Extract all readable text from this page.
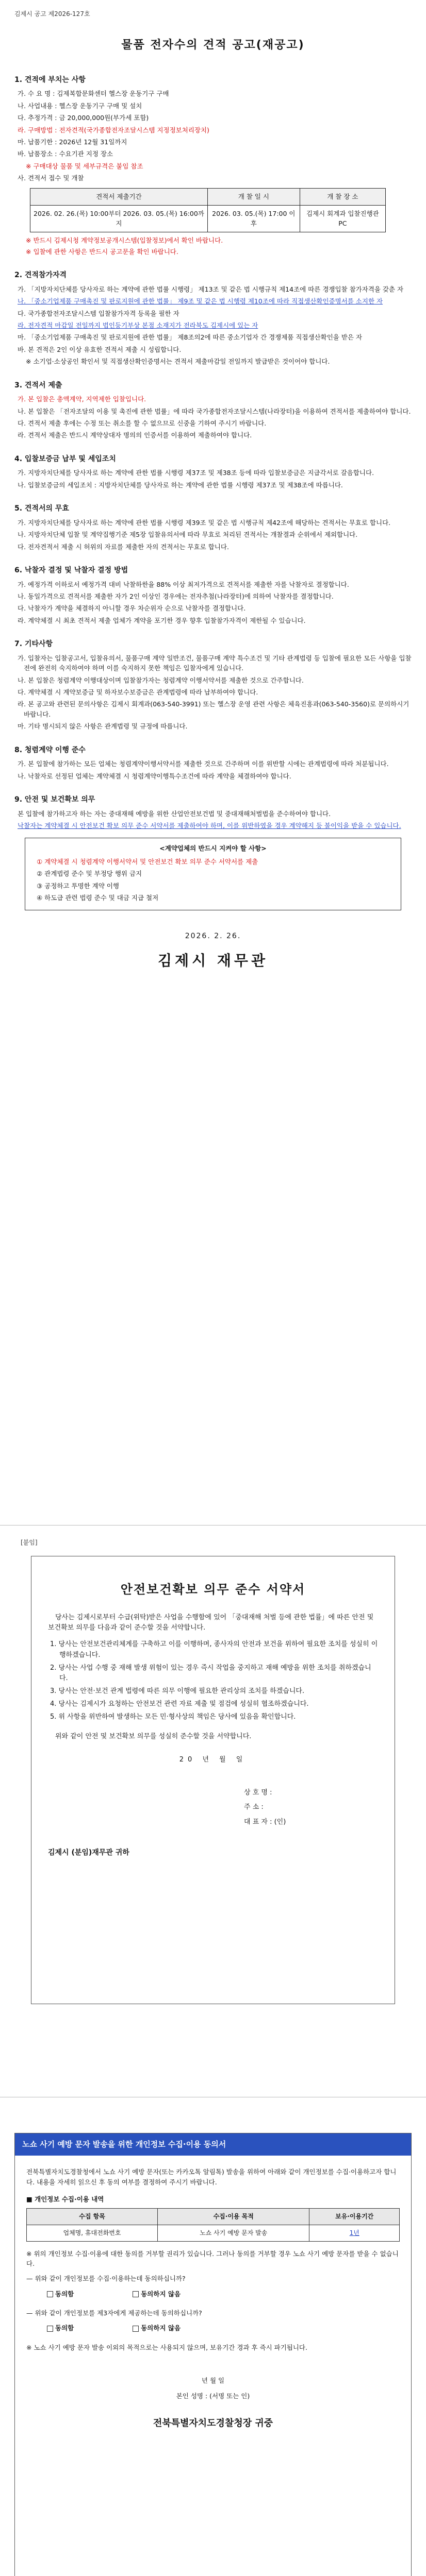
김제시 공고 제2026-127호
물품 전자수의 견적 공고(재공고)
1. 견적에 부치는 사항
가. 수 요 명 : 김제복합문화센터 헬스장 운동기구 구매
나. 사업내용 : 헬스장 운동기구 구매 및 설치
다. 추정가격 : 금 20,000,000원(부가세 포함)
라. 구매방법 : 전자견적(국가종합전자조달시스템 지정정보처리장치)
마. 납품기한 : 2026년 12월 31일까지
바. 납품장소 : 수요기관 지정 장소
※ 구매대상 물품 및 세부규격은 붙임 참조
사. 견적서 접수 및 개찰
견적서 제출기간	개 찰 일 시	개 찰 장 소
2026. 02. 26.(목) 10:00부터 2026. 03. 05.(목) 16:00까지	2026. 03. 05.(목) 17:00 이후	김제시 회계과 입찰진행관 PC
※ 반드시 김제시청 계약정보공개시스템(입찰정보)에서 확인 바랍니다.
※ 입찰에 관한 사항은 반드시 공고문을 확인 바랍니다.
2. 견적참가자격
가. 「지방자치단체를 당사자로 하는 계약에 관한 법률 시행령」 제13조 및 같은 법 시행규칙 제14조에 따른 경쟁입찰 참가자격을 갖춘 자
나. 「중소기업제품 구매촉진 및 판로지원에 관한 법률」 제9조 및 같은 법 시행령 제10조에 따라 직접생산확인증명서를 소지한 자
다. 국가종합전자조달시스템 입찰참가자격 등록을 필한 자
라. 전자견적 마감일 전일까지 법인등기부상 본점 소재지가 전라북도 김제시에 있는 자
마. 「중소기업제품 구매촉진 및 판로지원에 관한 법률」 제8조의2에 따른 중소기업자 간 경쟁제품 직접생산확인을 받은 자
바. 본 견적은 2인 이상 유효한 견적서 제출 시 성립합니다.
※ 소기업·소상공인 확인서 및 직접생산확인증명서는 견적서 제출마감일 전일까지 발급받은 것이어야 합니다.
3. 견적서 제출
가. 본 입찰은 총액계약, 지역제한 입찰입니다.
나. 본 입찰은 「전자조달의 이용 및 촉진에 관한 법률」에 따라 국가종합전자조달시스템(나라장터)을 이용하여 견적서를 제출하여야 합니다.
다. 견적서 제출 후에는 수정 또는 취소를 할 수 없으므로 신중을 기하여 주시기 바랍니다.
라. 견적서 제출은 반드시 계약상대자 명의의 인증서를 이용하여 제출하여야 합니다.
4. 입찰보증금 납부 및 세입조치
가. 지방자치단체를 당사자로 하는 계약에 관한 법률 시행령 제37조 및 제38조 등에 따라 입찰보증금은 지급각서로 갈음합니다.
나. 입찰보증금의 세입조치 : 지방자치단체를 당사자로 하는 계약에 관한 법률 시행령 제37조 및 제38조에 따릅니다.
5. 견적서의 무효
가. 지방자치단체를 당사자로 하는 계약에 관한 법률 시행령 제39조 및 같은 법 시행규칙 제42조에 해당하는 견적서는 무효로 합니다.
나. 지방자치단체 입찰 및 계약집행기준 제5장 입찰유의서에 따라 무효로 처리된 견적서는 개찰결과 순위에서 제외합니다.
다. 전자견적서 제출 시 허위의 자료를 제출한 자의 견적서는 무효로 합니다.
6. 낙찰자 결정 및 낙찰자 결정 방법
가. 예정가격 이하로서 예정가격 대비 낙찰하한율 88% 이상 최저가격으로 견적서를 제출한 자를 낙찰자로 결정합니다.
나. 동일가격으로 견적서를 제출한 자가 2인 이상인 경우에는 전자추첨(나라장터)에 의하여 낙찰자를 결정합니다.
다. 낙찰자가 계약을 체결하지 아니할 경우 차순위자 순으로 낙찰자를 결정합니다.
라. 계약체결 시 최초 견적서 제출 업체가 계약을 포기한 경우 향후 입찰참가자격이 제한될 수 있습니다.
7. 기타사항
가. 입찰자는 입찰공고서, 입찰유의서, 물품구매 계약 일반조건, 물품구매 계약 특수조건 및 기타 관계법령 등 입찰에 필요한 모든 사항을 입찰 전에 완전히 숙지하여야 하며 이를 숙지하지 못한 책임은 입찰자에게 있습니다.
나. 본 입찰은 청렴계약 이행대상이며 입찰참가자는 청렴계약 이행서약서를 제출한 것으로 간주합니다.
다. 계약체결 시 계약보증금 및 하자보수보증금은 관계법령에 따라 납부하여야 합니다.
라. 본 공고와 관련된 문의사항은 김제시 회계과(063-540-3991) 또는 헬스장 운영 관련 사항은 체육진흥과(063-540-3560)로 문의하시기 바랍니다.
마. 기타 명시되지 않은 사항은 관계법령 및 규정에 따릅니다.
8. 청렴계약 이행 준수
가. 본 입찰에 참가하는 모든 업체는 청렴계약이행서약서를 제출한 것으로 간주하며 이를 위반할 시에는 관계법령에 따라 처분됩니다.
나. 낙찰자로 선정된 업체는 계약체결 시 청렴계약이행특수조건에 따라 계약을 체결하여야 합니다.
9. 안전 및 보건확보 의무
본 입찰에 참가하고자 하는 자는 중대재해 예방을 위한 산업안전보건법 및 중대재해처벌법을 준수하여야 합니다.
낙찰자는 계약체결 시 안전보건 확보 의무 준수 서약서를 제출하여야 하며, 이를 위반하였을 경우 계약해지 등 불이익을 받을 수 있습니다.
<계약업체의 반드시 지켜야 할 사항>
① 계약체결 시 청렴계약 이행서약서 및 안전보건 확보 의무 준수 서약서를 제출
② 관계법령 준수 및 부정당 행위 금지
③ 공정하고 투명한 계약 이행
④ 하도급 관련 법령 준수 및 대금 지급 철저
2026. 2. 26.
김제시 재무관
[붙임]
안전보건확보 의무 준수 서약서

당사는 김제시로부터 수급(위탁)받은 사업을 수행함에 있어 「중대재해 처벌 등에 관한 법률」에 따른 안전 및 보건확보 의무를 다음과 같이 준수할 것을 서약합니다.

1. 당사는 안전보건관리체계를 구축하고 이를 이행하며, 종사자의 안전과 보건을 위하여 필요한 조치를 성실히 이행하겠습니다.
2. 당사는 사업 수행 중 재해 발생 위험이 있는 경우 즉시 작업을 중지하고 재해 예방을 위한 조치를 취하겠습니다.
3. 당사는 안전·보건 관계 법령에 따른 의무 이행에 필요한 관리상의 조치를 하겠습니다.
4. 당사는 김제시가 요청하는 안전보건 관련 자료 제출 및 점검에 성실히 협조하겠습니다.
5. 위 사항을 위반하여 발생하는 모든 민·형사상의 책임은 당사에 있음을 확인합니다.

위와 같이 안전 및 보건확보 의무를 성실히 준수할 것을 서약합니다.

20 년 월 일
상 호 명 :
주 소 :
대 표 자 : (인)
김제시 (분임)재무관 귀하
노쇼 사기 예방 문자 발송을 위한 개인정보 수집·이용 동의서

전북특별자치도경찰청에서 노쇼 사기 예방 문자(또는 카카오톡 알림톡) 발송을 위하여 아래와 같이 개인정보를 수집·이용하고자 합니다. 내용을 자세히 읽으신 후 동의 여부를 결정하여 주시기 바랍니다.

■ 개인정보 수집·이용 내역
수집 항목	수집·이용 목적	보유·이용기간
업체명, 휴대전화번호	노쇼 사기 예방 문자 발송	1년
※ 위의 개인정보 수집·이용에 대한 동의를 거부할 권리가 있습니다. 그러나 동의를 거부할 경우 노쇼 사기 예방 문자를 받을 수 없습니다.
— 위와 같이 개인정보를 수집·이용하는데 동의하십니까?
동의함	동의하지 않음
— 위와 같이 개인정보를 제3자에게 제공하는데 동의하십니까?
동의함	동의하지 않음
※ 노쇼 사기 예방 문자 발송 이외의 목적으로는 사용되지 않으며, 보유기간 경과 후 즉시 파기됩니다.
년 월 일
본인 성명 : (서명 또는 인)
전북특별자치도경찰청장 귀중
